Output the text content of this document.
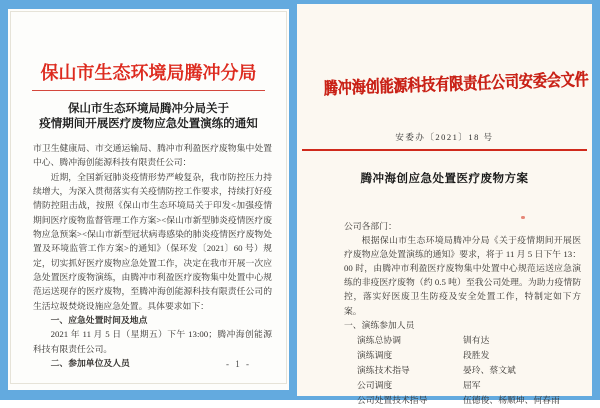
保山市生态环境局腾冲分局
保山市生态环境局腾冲分局关于
疫情期间开展医疗废物应急处置演练的通知

市卫生健康局、市交通运输局、腾冲市利盈医疗废物集中处置中心、腾冲海创能源科技有限责任公司：

近期，全国新冠肺炎疫情形势严峻复杂，我市防控压力持续增大，为深入贯彻落实有关疫情防控工作要求，持续打好疫情防控阻击战，按照《保山市生态环境局关于印发<加强疫情期间医疗废物监督管理工作方案><保山市新型肺炎疫情医疗废物应急预案><保山市新型冠状病毒感染的肺炎疫情医疗废物处置及环境监管工作方案>的通知》（保环发〔2021〕60 号）规定，切实抓好医疗废物应急处置工作，决定在我市开展一次应急处置医疗废物演练，由腾冲市利盈医疗废物集中处置中心规范运送现存的医疗废物，至腾冲海创能源科技有限责任公司的生活垃圾焚烧设施应急处置。具体要求如下：

一、应急处置时间及地点

2021 年 11 月 5 日（星期五）下午 13:00；腾冲海创能源科技有限责任公司。

二、参加单位及人员	- 1 -
腾冲海创能源科技有限责任公司安委会文件
安委办〔2021〕18 号
腾冲海创应急处置医疗废物方案

公司各部门：

根据保山市生态环境局腾冲分局《关于疫情期间开展医疗废物应急处置演练的通知》要求，将于 11 月 5 日下午 13：00 时，由腾冲市利盈医疗废物集中处置中心规范运送应急演练的非疫医疗废物（约 0.5 吨）至我公司处理。为助力疫情防控，落实好医废卫生防疫及安全处置工作，特制定如下方案。

一、演练参加人员

演练总协调	钏有达
演练调度	段胜发
演练技术指导	晏玲、蔡文斌
公司调度	屈军
公司处置技术指导	伍德俊、杨顺坤、何春雨
